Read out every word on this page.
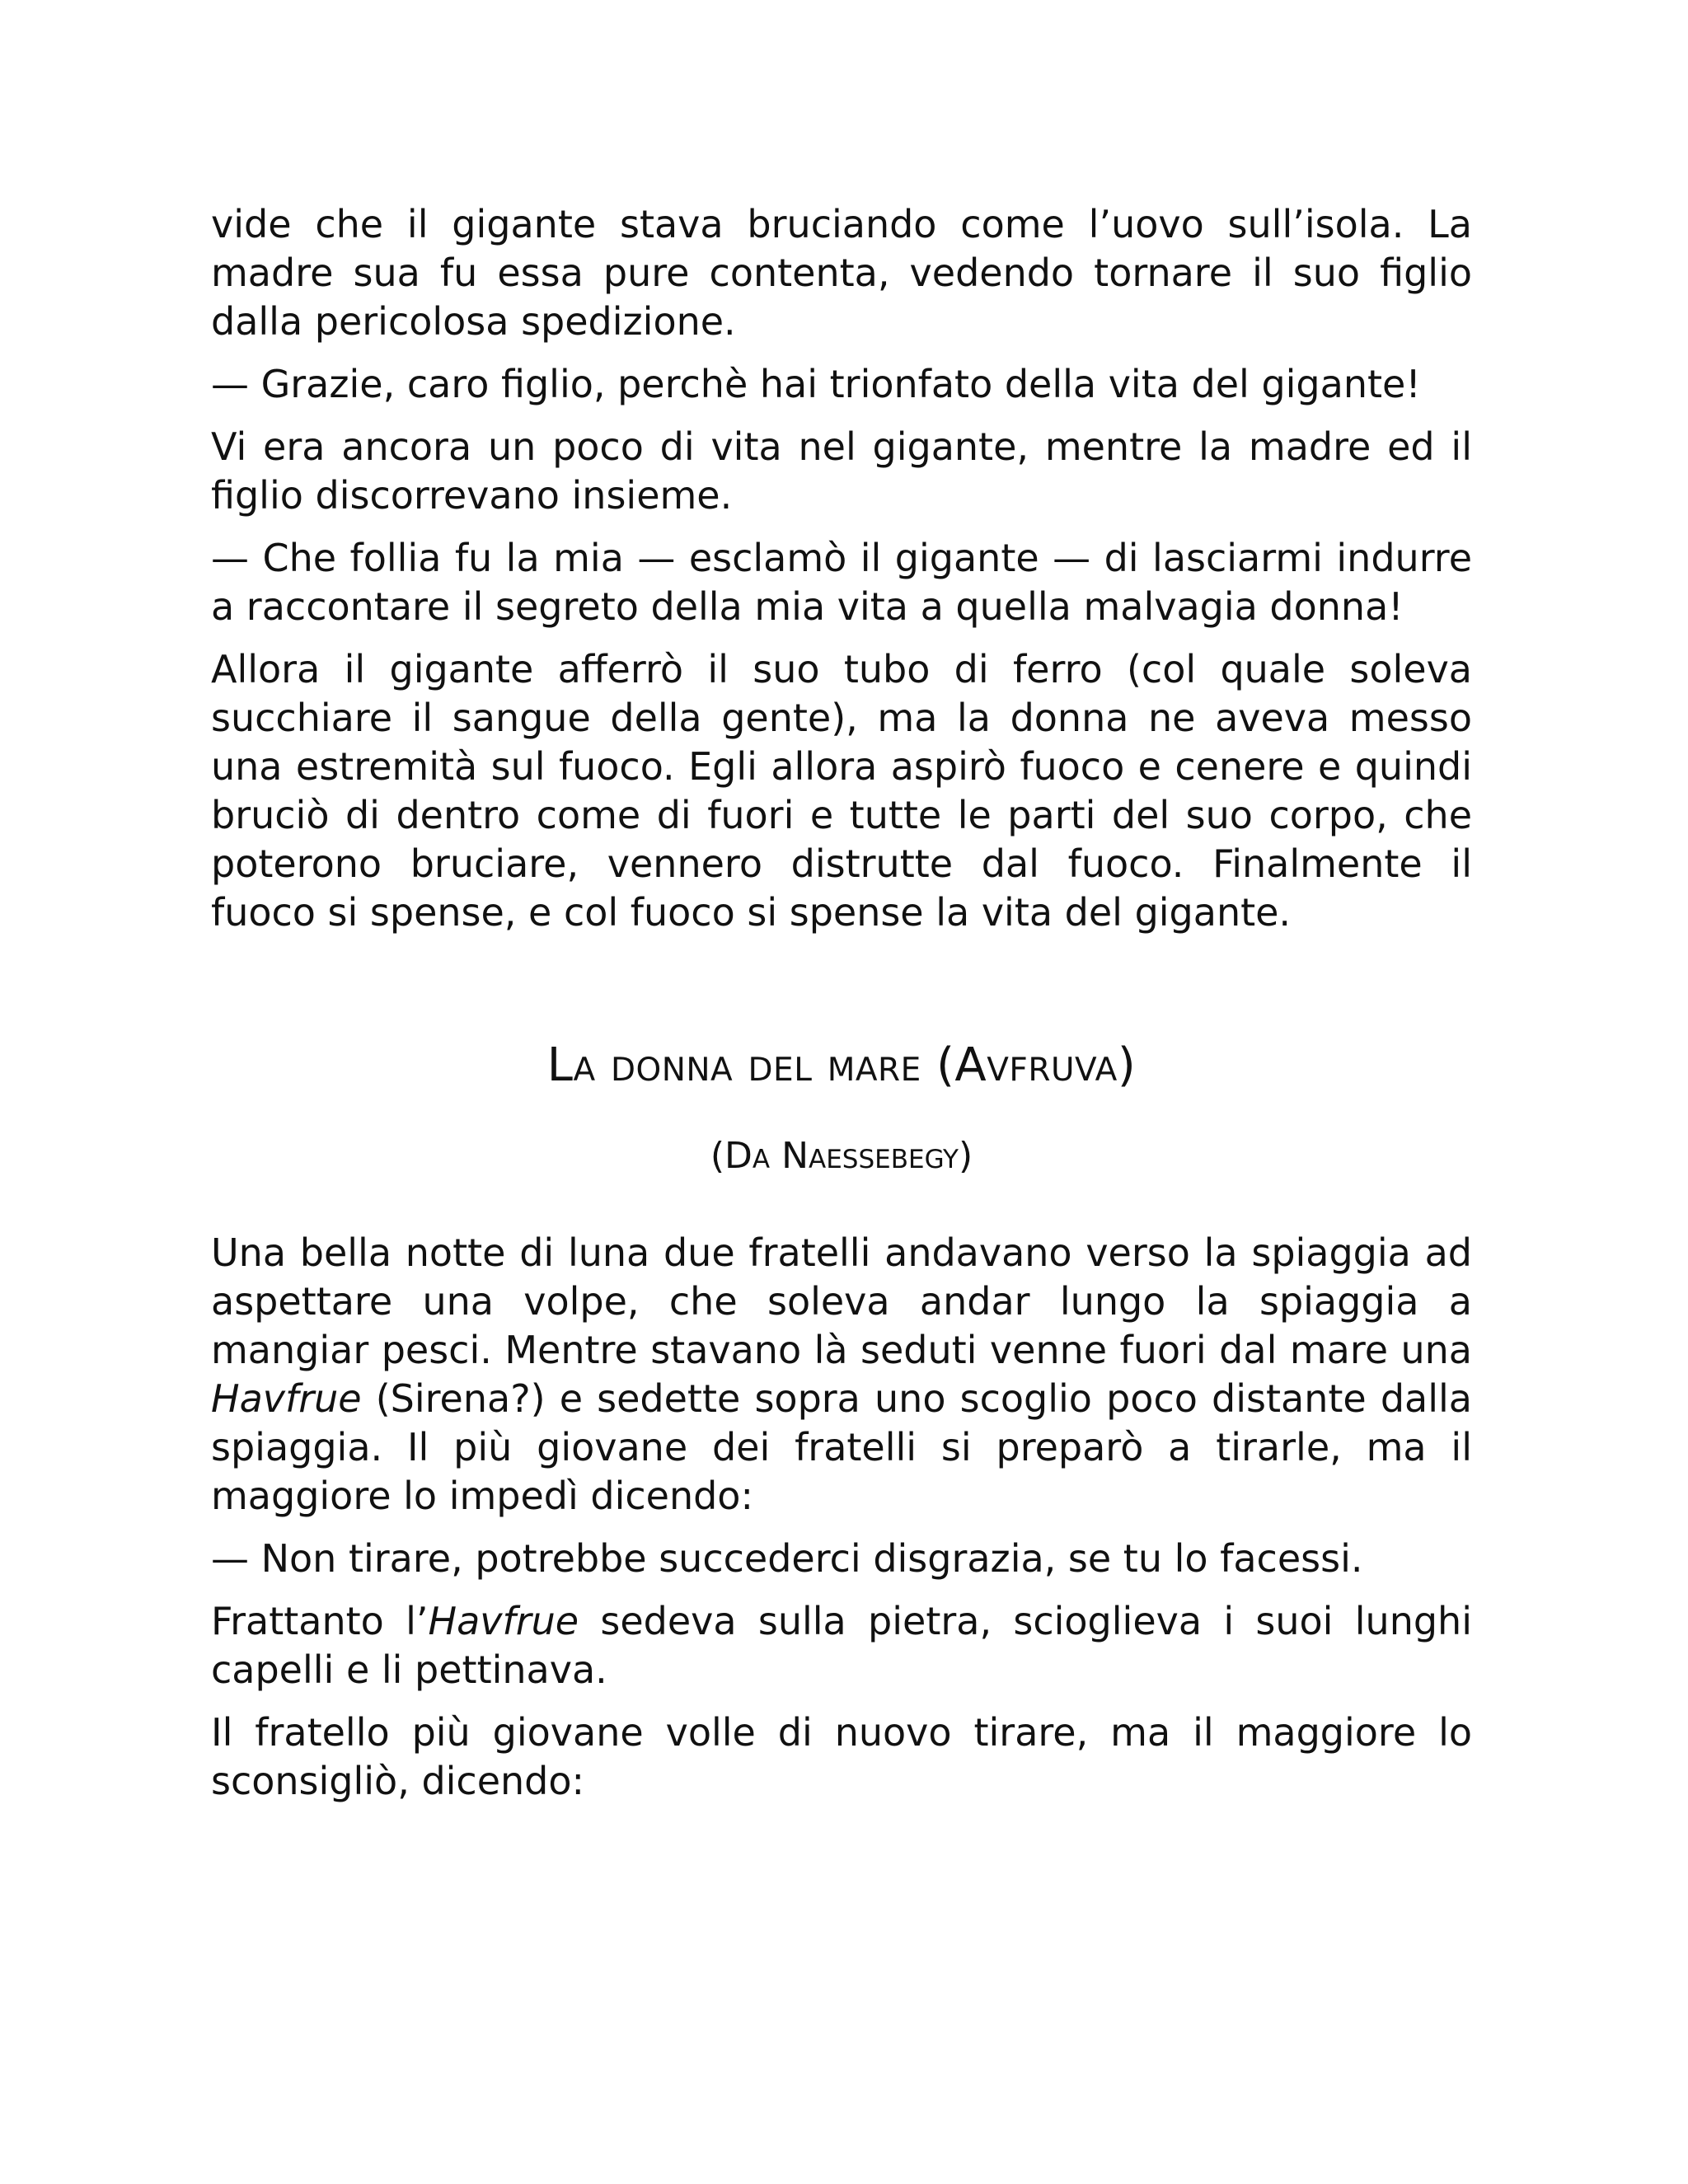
vide che il gigante stava bruciando come l’uovo sull’isola. La madre sua fu essa pure contenta, vedendo tornare il suo figlio dalla pericolosa spedizione.

— Grazie, caro figlio, perchè hai trionfato della vita del gigante!

Vi era ancora un poco di vita nel gigante, mentre la madre ed il figlio discorrevano insieme.

— Che follia fu la mia — esclamò il gigante — di lasciarmi indurre a raccontare il segreto della mia vita a quella malvagia donna!

Allora il gigante afferrò il suo tubo di ferro (col quale soleva succhiare il sangue della gente), ma la donna ne aveva messo una estremità sul fuoco. Egli allora aspirò fuoco e cenere e quindi bruciò di dentro come di fuori e tutte le parti del suo corpo, che poterono bruciare, vennero distrutte dal fuoco. Finalmente il fuoco si spense, e col fuoco si spense la vita del gigante.

La donna del mare (Avfruva)
(Da Naessebegy)

Una bella notte di luna due fratelli andavano verso la spiaggia ad aspettare una volpe, che soleva andar lungo la spiaggia a mangiar pesci. Mentre stavano là seduti venne fuori dal mare una Havfrue (Sirena?) e sedette sopra uno scoglio poco distante dalla spiaggia. Il più giovane dei fratelli si preparò a tirarle, ma il maggiore lo impedì dicendo:

— Non tirare, potrebbe succederci disgrazia, se tu lo facessi.

Frattanto l’Havfrue sedeva sulla pietra, scioglieva i suoi lunghi capelli e li pettinava.

Il fratello più giovane volle di nuovo tirare, ma il maggiore lo sconsigliò, dicendo:
